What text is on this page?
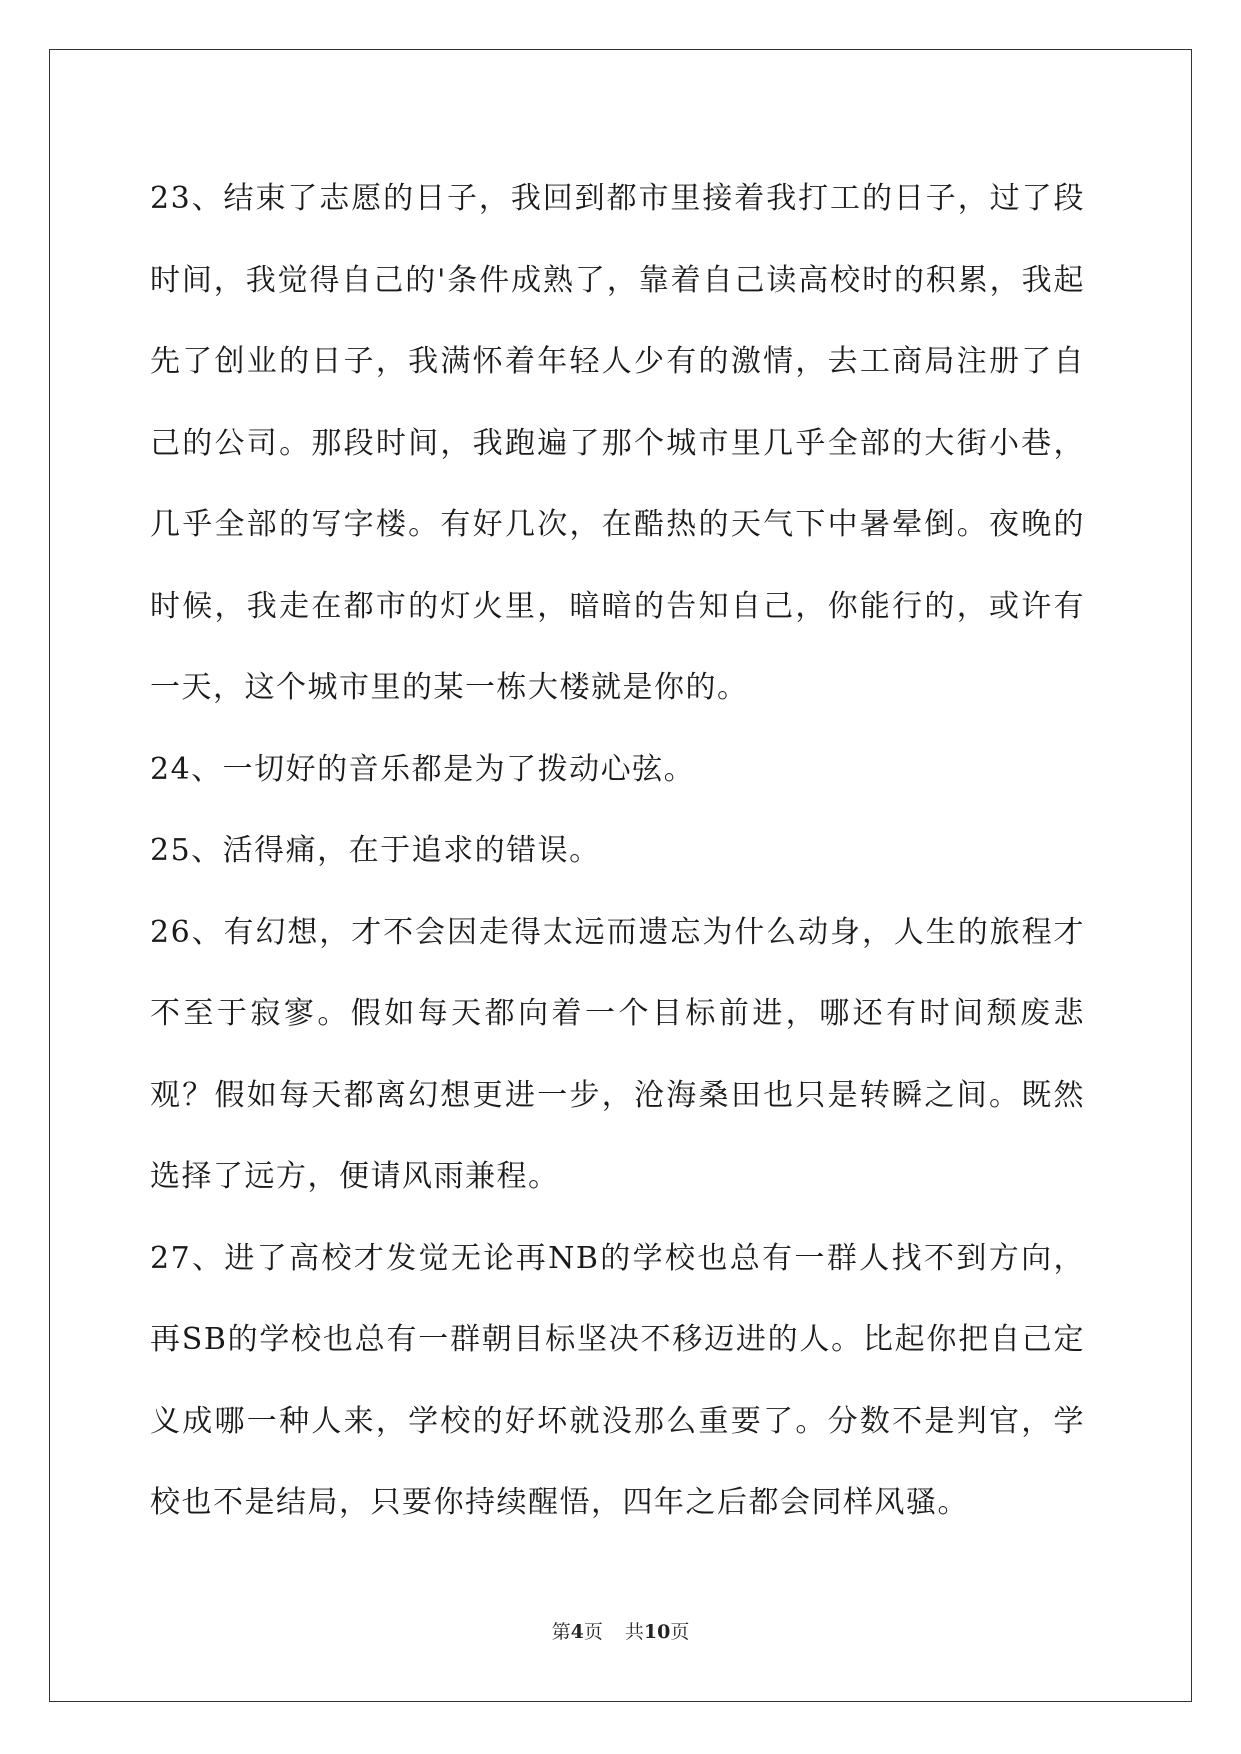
23、结束了志愿的日子，我回到都市里接着我打工的日子，过了段时间，我觉得自己的'条件成熟了，靠着自己读高校时的积累，我起先了创业的日子，我满怀着年轻人少有的激情，去工商局注册了自己的公司。那段时间，我跑遍了那个城市里几乎全部的大街小巷，几乎全部的写字楼。有好几次，在酷热的天气下中暑晕倒。夜晚的时候，我走在都市的灯火里，暗暗的告知自己，你能行的，或许有一天，这个城市里的某一栋大楼就是你的。

24、一切好的音乐都是为了拨动心弦。

25、活得痛，在于追求的错误。

26、有幻想，才不会因走得太远而遗忘为什么动身，人生的旅程才不至于寂寥。假如每天都向着一个目标前进，哪还有时间颓废悲观？假如每天都离幻想更进一步，沧海桑田也只是转瞬之间。既然选择了远方，便请风雨兼程。

27、进了高校才发觉无论再NB的学校也总有一群人找不到方向，再SB的学校也总有一群朝目标坚决不移迈进的人。比起你把自己定义成哪一种人来，学校的好坏就没那么重要了。分数不是判官，学校也不是结局，只要你持续醒悟，四年之后都会同样风骚。

第4页 共10页
